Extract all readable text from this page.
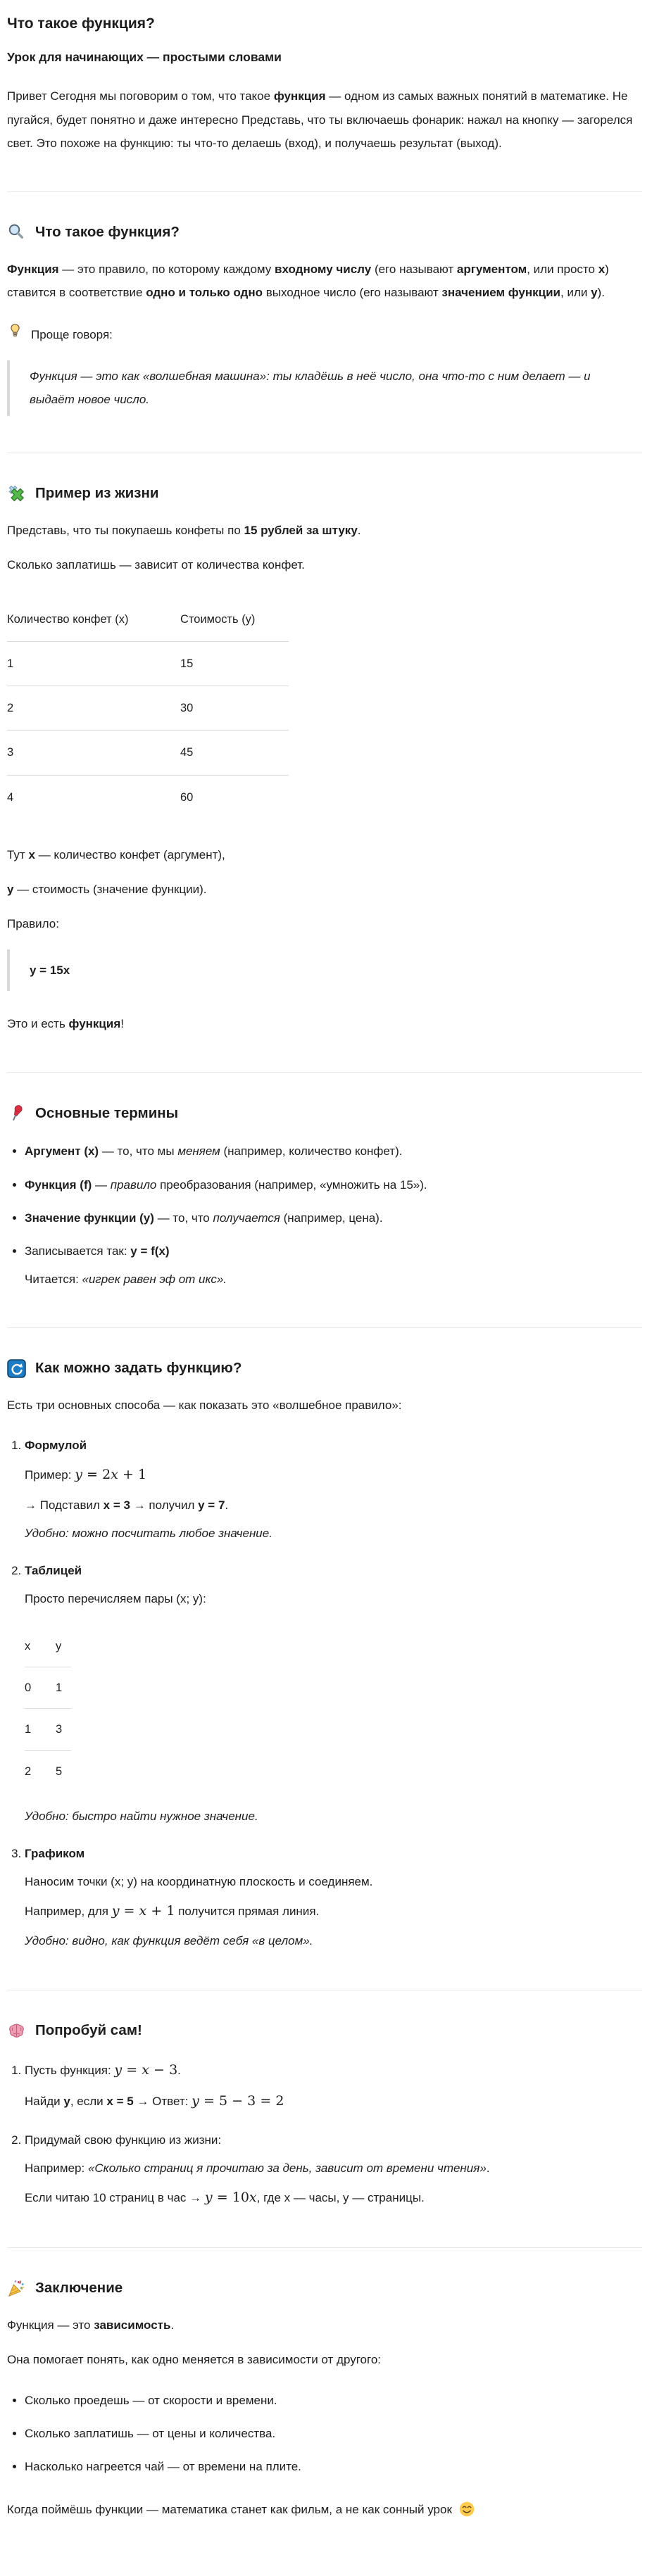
Что такое функция?

Урок для начинающих — простыми словами

Привет Сегодня мы поговорим о том, что такое функция — одном из самых важных понятий в математике. Не пугайся, будет понятно и даже интересно Представь, что ты включаешь фонарик: нажал на кнопку — загорелся свет. Это похоже на функцию: ты что-то делаешь (вход), и получаешь результат (выход).

Что такое функция?

Функция — это правило, по которому каждому входному числу (его называют аргументом, или просто x) ставится в соответствие одно и только одно выходное число (его называют значением функции, или y).

Проще говоря:
Функция — это как «волшебная машина»: ты кладёшь в неё число, она что-то с ним делает — и выдаёт новое число.
Пример из жизни

Представь, что ты покупаешь конфеты по 15 рублей за штуку.

Сколько заплатишь — зависит от количества конфет.

Количество конфет (x)	Стоимость (y)
1	15
2	30
3	45
4	60

Тут x — количество конфет (аргумент),

y — стоимость (значение функции).

Правило:

y = 15x

Это и есть функция!

Основные термины
• Аргумент (x) — то, что мы меняем (например, количество конфет).
• Функция (f) — правило преобразования (например, «умножить на 15»).
• Значение функции (y) — то, что получается (например, цена).

• Записывается так: y = f(x)

Читается: «игрек равен эф от икс».

Как можно задать функцию?

Есть три основных способа — как показать это «волшебное правило»:

1. Формулой

Пример: y = 2x + 1

→ Подставил x = 3 → получил y = 7.

Удобно: можно посчитать любое значение.

2. Таблицей

Просто перечисляем пары (x; y):

x	y
0	1
1	3
2	5

Удобно: быстро найти нужное значение.

3. Графиком

Наносим точки (x; y) на координатную плоскость и соединяем.

Например, для y = x + 1 получится прямая линия.

Удобно: видно, как функция ведёт себя «в целом».

Попробуй сам!

1. Пусть функция: y = x − 3.

Найди y, если x = 5 → Ответ: y = 5 − 3 = 2

2. Придумай свою функцию из жизни:

Например: «Сколько страниц я прочитаю за день, зависит от времени чтения».

Если читаю 10 страниц в час → y = 10x, где x — часы, y — страницы.

Заключение

Функция — это зависимость.

Она помогает понять, как одно меняется в зависимости от другого:

• Сколько проедешь — от скорости и времени.
• Сколько заплатишь — от цены и количества.
• Насколько нагреется чай — от времени на плите.

Когда поймёшь функции — математика станет как фильм, а не как сонный урок
